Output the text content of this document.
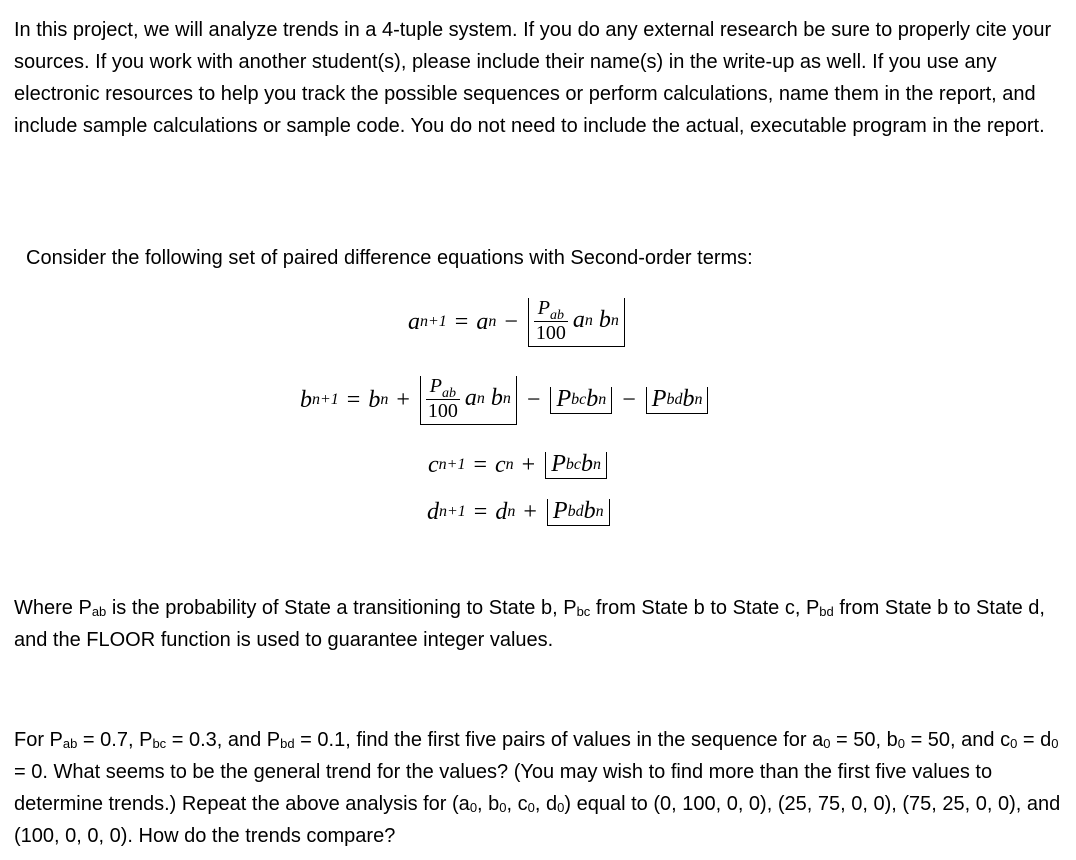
In this project, we will analyze trends in a 4-tuple system. If you do any external research be sure to properly cite your sources. If you work with another student(s), please include their name(s) in the write-up as well. If you use any electronic resources to help you track the possible sequences or perform calculations, name them in the report, and include sample calculations or sample code. You do not need to include the actual, executable program in the report.

Consider the following set of paired difference equations with Second-order terms:

a n+1 = a $n - \frac{P_{ab}}{100}$ a n
b n
b n+1 = b $n + \frac{P_{ab}}{100}$ a n
b n − P bc b n − P bd b n
c n+1 = c n + P bc b n
d n+1 = d n + P bd b n

Where $P_{ab}$ is the probability of State a transitioning to State b, $P_{bc}$ from State b to State c, $P_{bd}$ from State b to State d, and the FLOOR function is used to guarantee integer values.

For $P_{ab} = 0.7$, $P_{bc} = 0.3$, and $P_{bd} = 0.1$, find the first five pairs of values in the sequence for $a_0 = 50$, $b_0 = 50$, and $c_0 = d_0 = 0$. What seems to be the general trend for the values? (You may wish to find more than the first five values to determine trends.) Repeat the above analysis for ($a_0$, $b_0$, $c_0$, $d_0$) equal to (0, 100, 0, 0), (25, 75, 0, 0), (75, 25, 0, 0), and (100, 0, 0, 0). How do the trends compare?
